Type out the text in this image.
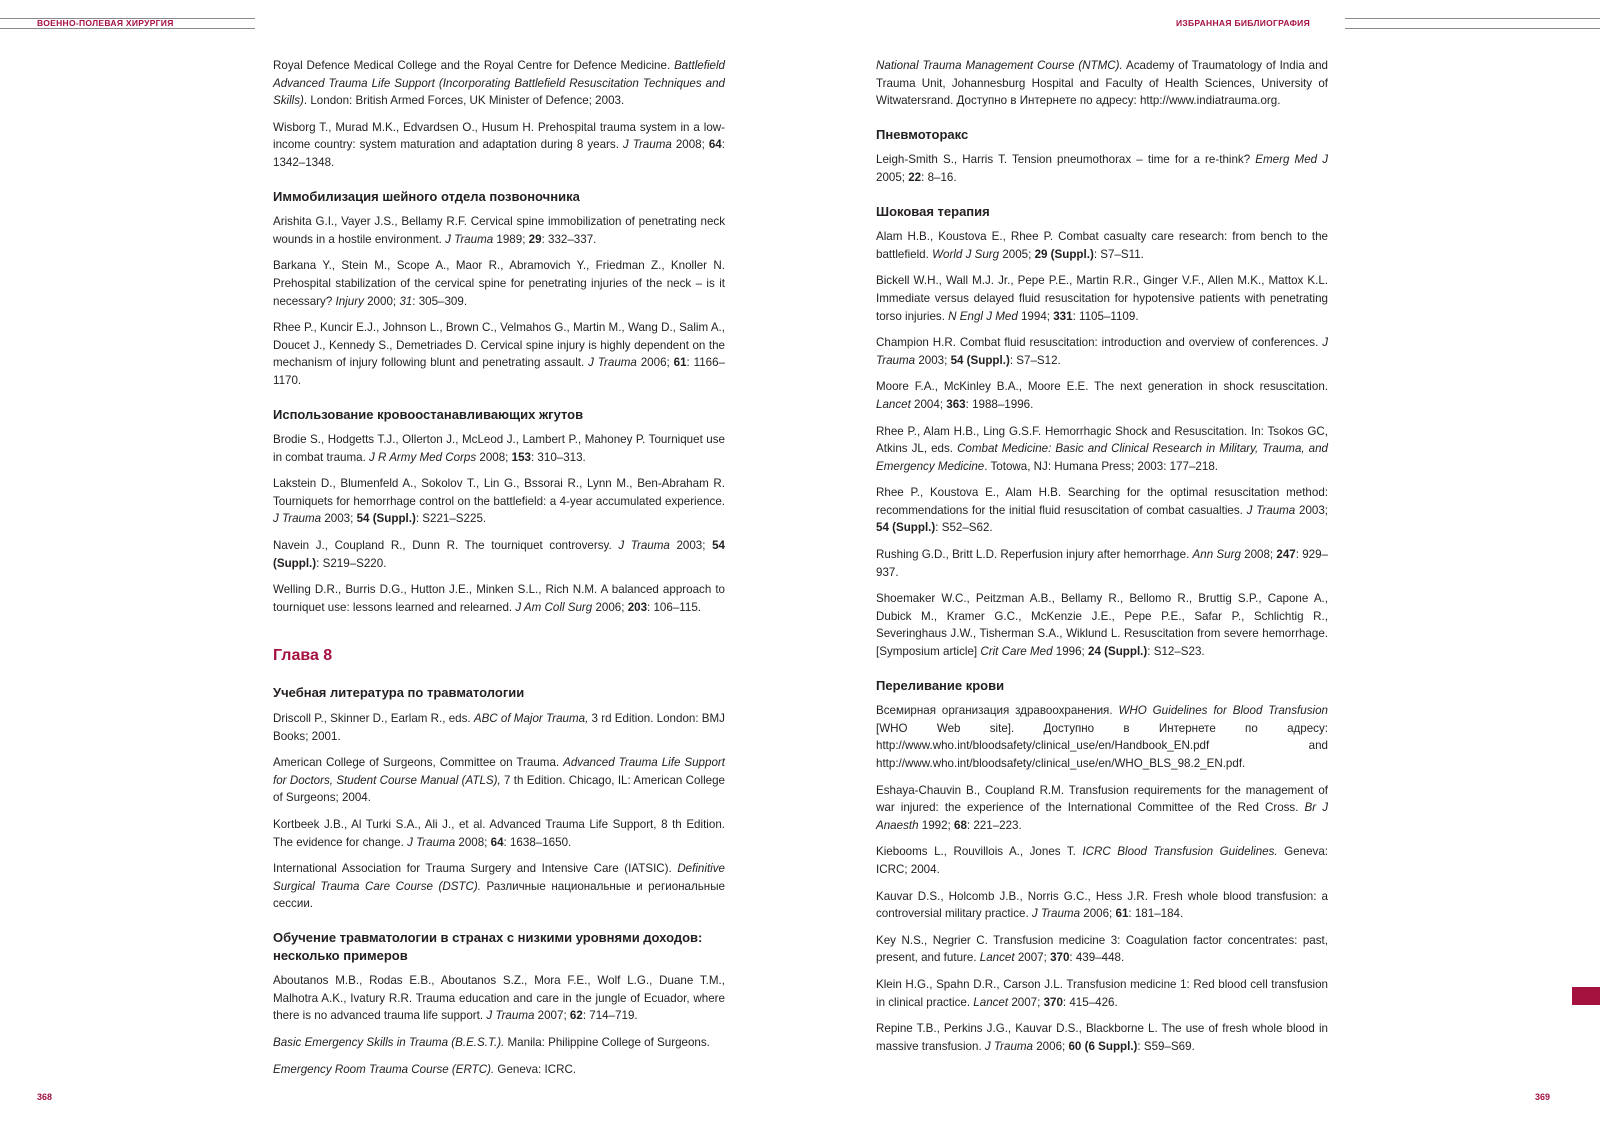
ВОЕННО-ПОЛЕВАЯ ХИРУРГИЯ	ИЗБРАННАЯ БИБЛИОГРАФИЯ

Royal Defence Medical College and the Royal Centre for Defence Medicine. Battlefield Advanced Trauma Life Support (Incorporating Battlefield Resuscitation Techniques and Skills). London: British Armed Forces, UK Minister of Defence; 2003.

Wisborg T., Murad M.K., Edvardsen O., Husum H. Prehospital trauma system in a low-income country: system maturation and adaptation during 8 years. J Trauma 2008; 64: 1342–1348.

Иммобилизация шейного отдела позвоночника

Arishita G.I., Vayer J.S., Bellamy R.F. Cervical spine immobilization of penetrating neck wounds in a hostile environment. J Trauma 1989; 29: 332–337.

Barkana Y., Stein M., Scope A., Maor R., Abramovich Y., Friedman Z., Knoller N. Prehospital stabilization of the cervical spine for penetrating injuries of the neck – is it necessary? Injury 2000; 31: 305–309.

Rhee P., Kuncir E.J., Johnson L., Brown C., Velmahos G., Martin M., Wang D., Salim A., Doucet J., Kennedy S., Demetriades D. Cervical spine injury is highly dependent on the mechanism of injury following blunt and penetrating assault. J Trauma 2006; 61: 1166–1170.

Использование кровоостанавливающих жгутов

Brodie S., Hodgetts T.J., Ollerton J., McLeod J., Lambert P., Mahoney P. Tourniquet use in combat trauma. J R Army Med Corps 2008; 153: 310–313.

Lakstein D., Blumenfeld A., Sokolov T., Lin G., Bssorai R., Lynn M., Ben-Abraham R. Tourniquets for hemorrhage control on the battlefield: a 4-year accumulated experience. J Trauma 2003; 54 (Suppl.): S221–S225.

Navein J., Coupland R., Dunn R. The tourniquet controversy. J Trauma 2003; 54 (Suppl.): S219–S220.

Welling D.R., Burris D.G., Hutton J.E., Minken S.L., Rich N.M. A balanced approach to tourniquet use: lessons learned and relearned. J Am Coll Surg 2006; 203: 106–115.

Глава 8
Учебная литература по травматологии

Driscoll P., Skinner D., Earlam R., eds. ABC of Major Trauma, 3 rd Edition. London: BMJ Books; 2001.

American College of Surgeons, Committee on Trauma. Advanced Trauma Life Support for Doctors, Student Course Manual (ATLS), 7 th Edition. Chicago, IL: American College of Surgeons; 2004.

Kortbeek J.B., Al Turki S.A., Ali J., et al. Advanced Trauma Life Support, 8 th Edition. The evidence for change. J Trauma 2008; 64: 1638–1650.

International Association for Trauma Surgery and Intensive Care (IATSIC). Definitive Surgical Trauma Care Course (DSTC). Различные национальные и региональные сессии.

Обучение травматологии в странах с низкими уровнями доходов: несколько примеров

Aboutanos M.B., Rodas E.B., Aboutanos S.Z., Mora F.E., Wolf L.G., Duane T.M., Malhotra A.K., Ivatury R.R. Trauma education and care in the jungle of Ecuador, where there is no advanced trauma life support. J Trauma 2007; 62: 714–719.

Basic Emergency Skills in Trauma (B.E.S.T.). Manila: Philippine College of Surgeons.

Emergency Room Trauma Course (ERTC). Geneva: ICRC.

National Trauma Management Course (NTMC). Academy of Traumatology of India and Trauma Unit, Johannesburg Hospital and Faculty of Health Sciences, University of Witwatersrand. Доступно в Интернете по адресу: http://www.indiatrauma.org.

Пневмоторакс

Leigh-Smith S., Harris T. Tension pneumothorax – time for a re-think? Emerg Med J 2005; 22: 8–16.

Шоковая терапия

Alam H.B., Koustova E., Rhee P. Combat casualty care research: from bench to the battlefield. World J Surg 2005; 29 (Suppl.): S7–S11.

Bickell W.H., Wall M.J. Jr., Pepe P.E., Martin R.R., Ginger V.F., Allen M.K., Mattox K.L. Immediate versus delayed fluid resuscitation for hypotensive patients with penetrating torso injuries. N Engl J Med 1994; 331: 1105–1109.

Champion H.R. Combat fluid resuscitation: introduction and overview of conferences. J Trauma 2003; 54 (Suppl.): S7–S12.

Moore F.A., McKinley B.A., Moore E.E. The next generation in shock resuscitation. Lancet 2004; 363: 1988–1996.

Rhee P., Alam H.B., Ling G.S.F. Hemorrhagic Shock and Resuscitation. In: Tsokos GC, Atkins JL, eds. Combat Medicine: Basic and Clinical Research in Military, Trauma, and Emergency Medicine. Totowa, NJ: Humana Press; 2003: 177–218.

Rhee P., Koustova E., Alam H.B. Searching for the optimal resuscitation method: recommendations for the initial fluid resuscitation of combat casualties. J Trauma 2003; 54 (Suppl.): S52–S62.

Rushing G.D., Britt L.D. Reperfusion injury after hemorrhage. Ann Surg 2008; 247: 929–937.

Shoemaker W.C., Peitzman A.B., Bellamy R., Bellomo R., Bruttig S.P., Capone A., Dubick M., Kramer G.C., McKenzie J.E., Pepe P.E., Safar P., Schlichtig R., Severinghaus J.W., Tisherman S.A., Wiklund L. Resuscitation from severe hemorrhage. [Symposium article] Crit Care Med 1996; 24 (Suppl.): S12–S23.

Переливание крови

Всемирная организация здравоохранения. WHO Guidelines for Blood Transfusion [WHO Web site]. Доступно в Интернете по адресу: http://www.who.int/bloodsafety/clinical_use/en/Handbook_EN.pdf and http://www.who.int/bloodsafety/clinical_use/en/WHO_BLS_98.2_EN.pdf.

Eshaya-Chauvin B., Coupland R.M. Transfusion requirements for the management of war injured: the experience of the International Committee of the Red Cross. Br J Anaesth 1992; 68: 221–223.

Kiebooms L., Rouvillois A., Jones T. ICRC Blood Transfusion Guidelines. Geneva: ICRC; 2004.

Kauvar D.S., Holcomb J.B., Norris G.C., Hess J.R. Fresh whole blood transfusion: a controversial military practice. J Trauma 2006; 61: 181–184.

Key N.S., Negrier C. Transfusion medicine 3: Coagulation factor concentrates: past, present, and future. Lancet 2007; 370: 439–448.

Klein H.G., Spahn D.R., Carson J.L. Transfusion medicine 1: Red blood cell transfusion in clinical practice. Lancet 2007; 370: 415–426.

Repine T.B., Perkins J.G., Kauvar D.S., Blackborne L. The use of fresh whole blood in massive transfusion. J Trauma 2006; 60 (6 Suppl.): S59–S69.

368	369
